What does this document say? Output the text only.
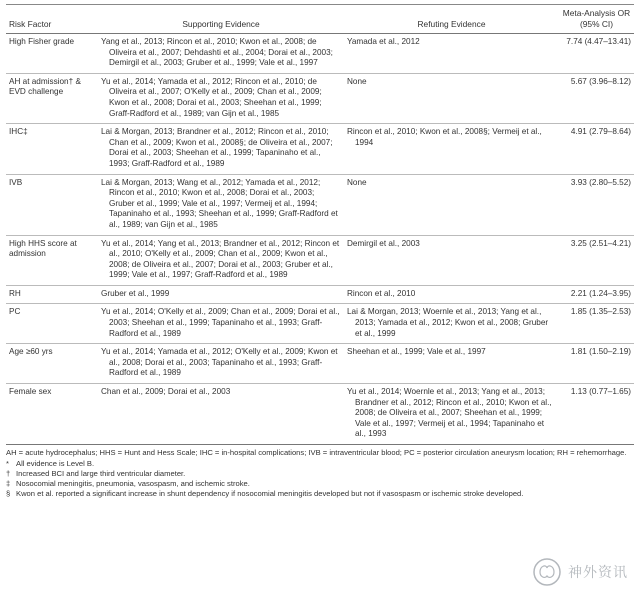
Risk Factor	Supporting Evidence	Refuting Evidence	Meta-Analysis OR (95% CI)
High Fisher grade	Yang et al., 2013; Rincon et al., 2010; Kwon et al., 2008; de Oliveira et al., 2007; Dehdashti et al., 2004; Dorai et al., 2003; Demirgil et al., 2003; Gruber et al., 1999; Vale et al., 1997	Yamada et al., 2012	7.74 (4.47–13.41)
AH at admission† & EVD challenge	Yu et al., 2014; Yamada et al., 2012; Rincon et al., 2010; de Oliveira et al., 2007; O'Kelly et al., 2009; Chan et al., 2009; Kwon et al., 2008; Dorai et al., 2003; Sheehan et al., 1999; Graff-Radford et al., 1989; van Gijn et al., 1985	None	5.67 (3.96–8.12)
IHC‡	Lai & Morgan, 2013; Brandner et al., 2012; Rincon et al., 2010; Chan et al., 2009; Kwon et al., 2008§; de Oliveira et al., 2007; Dorai et al., 2003; Sheehan et al., 1999; Tapaninaho et al., 1993; Graff-Radford et al., 1989	Rincon et al., 2010; Kwon et al., 2008§; Vermeij et al., 1994	4.91 (2.79–8.64)
IVB	Lai & Morgan, 2013; Wang et al., 2012; Yamada et al., 2012; Rincon et al., 2010; Kwon et al., 2008; Dorai et al., 2003; Gruber et al., 1999; Vale et al., 1997; Vermeij et al., 1994; Tapaninaho et al., 1993; Sheehan et al., 1999; Graff-Radford et al., 1989; van Gijn et al., 1985	None	3.93 (2.80–5.52)
High HHS score at admission	Yu et al., 2014; Yang et al., 2013; Brandner et al., 2012; Rincon et al., 2010; O'Kelly et al., 2009; Chan et al., 2009; Kwon et al., 2008; de Oliveira et al., 2007; Dorai et al., 2003; Gruber et al., 1999; Vale et al., 1997; Graff-Radford et al., 1989	Demirgil et al., 2003	3.25 (2.51–4.21)
RH	Gruber et al., 1999	Rincon et al., 2010	2.21 (1.24–3.95)
PC	Yu et al., 2014; O'Kelly et al., 2009; Chan et al., 2009; Dorai et al., 2003; Sheehan et al., 1999; Tapaninaho et al., 1993; Graff-Radford et al., 1989	Lai & Morgan, 2013; Woernle et al., 2013; Yang et al., 2013; Yamada et al., 2012; Kwon et al., 2008; Gruber et al., 1999	1.85 (1.35–2.53)
Age ≥60 yrs	Yu et al., 2014; Yamada et al., 2012; O'Kelly et al., 2009; Kwon et al., 2008; Dorai et al., 2003; Tapaninaho et al., 1993; Graff-Radford et al., 1989	Sheehan et al., 1999; Vale et al., 1997	1.81 (1.50–2.19)
Female sex	Chan et al., 2009; Dorai et al., 2003	Yu et al., 2014; Woernle et al., 2013; Yang et al., 2013; Brandner et al., 2012; Rincon et al., 2010; Kwon et al., 2008; de Oliveira et al., 2007; Sheehan et al., 1999; Vale et al., 1997; Vermeij et al., 1994; Tapaninaho et al., 1993	1.13 (0.77–1.65)
AH = acute hydrocephalus; HHS = Hunt and Hess Scale; IHC = in-hospital complications; IVB = intraventricular blood; PC = posterior circulation aneurysm location; RH = rehemorrhage.
* All evidence is Level B.
† Increased BCI and large third ventricular diameter.
‡ Nosocomial meningitis, pneumonia, vasospasm, and ischemic stroke.
§ Kwon et al. reported a significant increase in shunt dependency if nosocomial meningitis developed but not if vasospasm or ischemic stroke developed.
神外资讯
